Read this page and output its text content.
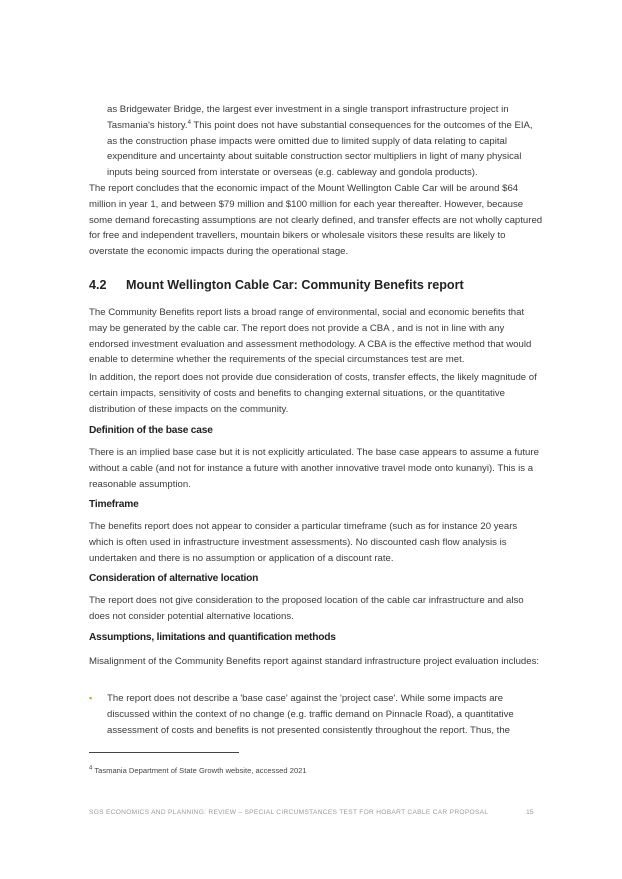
as Bridgewater Bridge, the largest ever investment in a single transport infrastructure project in Tasmania's history.$^4$ This point does not have substantial consequences for the outcomes of the EIA, as the construction phase impacts were omitted due to limited supply of data relating to capital expenditure and uncertainty about suitable construction sector multipliers in light of many physical inputs being sourced from interstate or overseas (e.g. cableway and gondola products).

The report concludes that the economic impact of the Mount Wellington Cable Car will be around $64 million in year 1, and between $79 million and $100 million for each year thereafter. However, because some demand forecasting assumptions are not clearly defined, and transfer effects are not wholly captured for free and independent travellers, mountain bikers or wholesale visitors these results are likely to overstate the economic impacts during the operational stage.

4.2 Mount Wellington Cable Car: Community Benefits report

The Community Benefits report lists a broad range of environmental, social and economic benefits that may be generated by the cable car. The report does not provide a CBA , and is not in line with any endorsed investment evaluation and assessment methodology. A CBA is the effective method that would enable to determine whether the requirements of the special circumstances test are met.

In addition, the report does not provide due consideration of costs, transfer effects, the likely magnitude of certain impacts, sensitivity of costs and benefits to changing external situations, or the quantitative distribution of these impacts on the community.

Definition of the base case

There is an implied base case but it is not explicitly articulated. The base case appears to assume a future without a cable (and not for instance a future with another innovative travel mode onto kunanyi). This is a reasonable assumption.

Timeframe

The benefits report does not appear to consider a particular timeframe (such as for instance 20 years which is often used in infrastructure investment assessments). No discounted cash flow analysis is undertaken and there is no assumption or application of a discount rate.

Consideration of alternative location

The report does not give consideration to the proposed location of the cable car infrastructure and also does not consider potential alternative locations.

Assumptions, limitations and quantification methods

Misalignment of the Community Benefits report against standard infrastructure project evaluation includes:

▪ The report does not describe a 'base case' against the 'project case'. While some impacts are discussed within the context of no change (e.g. traffic demand on Pinnacle Road), a quantitative assessment of costs and benefits is not presented consistently throughout the report. Thus, the

$^4$ Tasmania Department of State Growth website, accessed 2021

SGS ECONOMICS AND PLANNING: REVIEW – SPECIAL CIRCUMSTANCES TEST FOR HOBART CABLE CAR PROPOSAL	15
